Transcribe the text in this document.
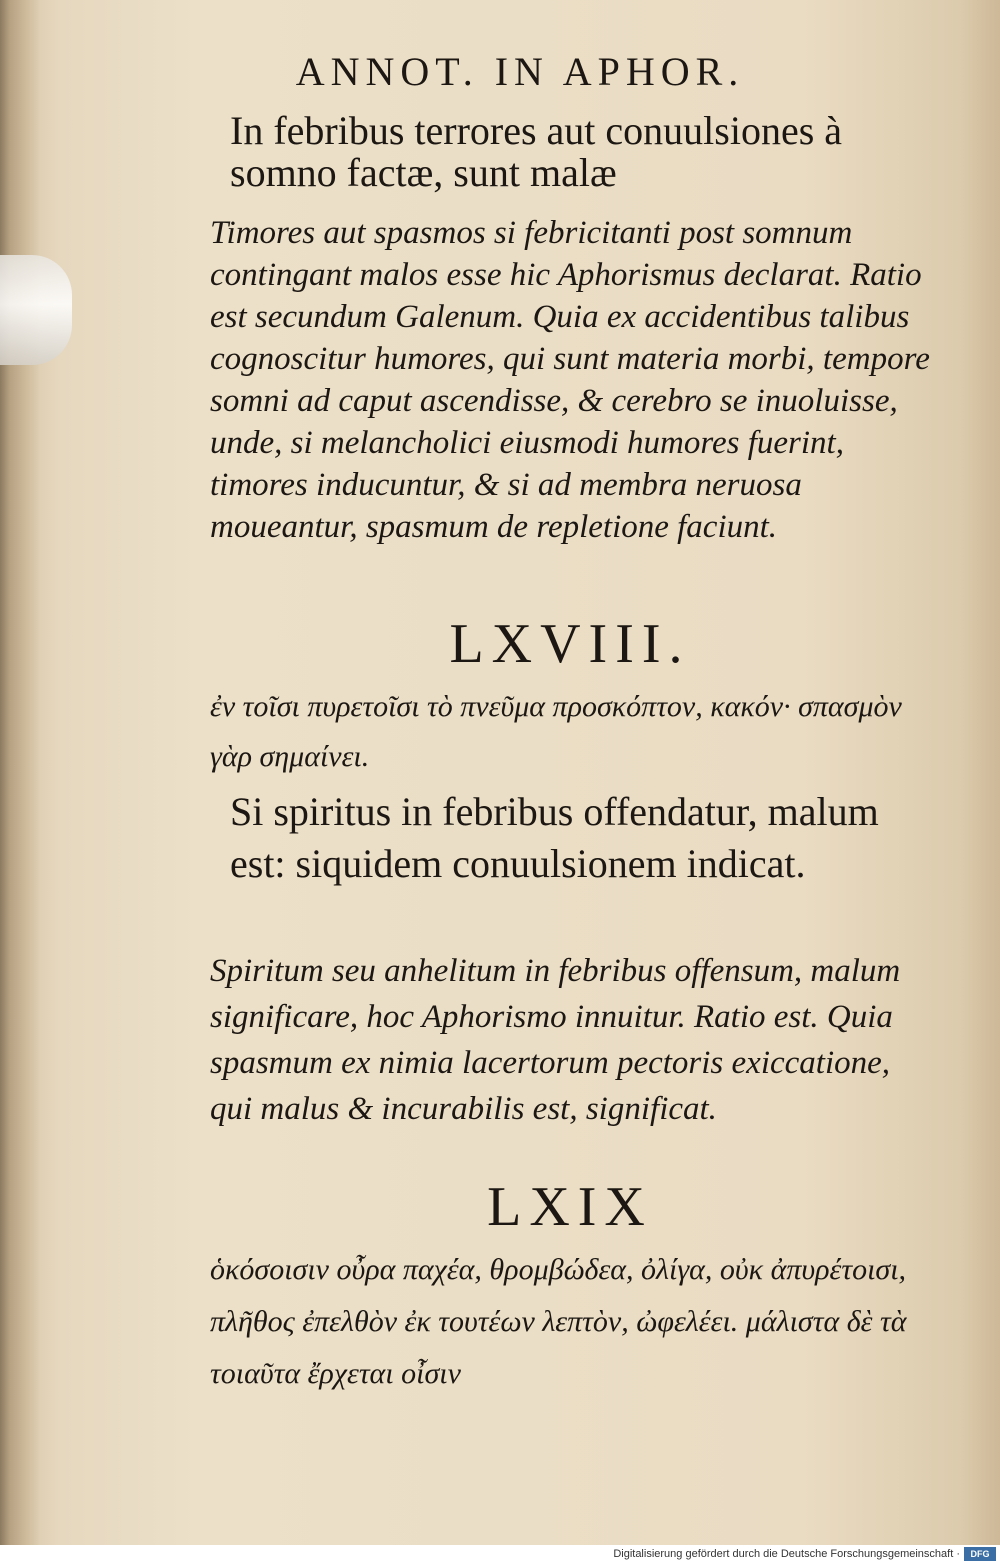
ANNOT. IN APHOR.
In febribus terrores aut conuulsiones à somno factæ, sunt malæ
Timores aut spasmos si febricitanti post somnum contingant malos esse hic Aphorismus declarat. Ratio est secundum Galenum. Quia ex accidentibus talibus cognoscitur humores, qui sunt materia morbi, tempore somni ad caput ascendisse, & cerebro se inuoluisse, unde, si melancholici eiusmodi humores fuerint, timores inducuntur, & si ad membra neruosa moueantur, spasmum de repletione faciunt.
LXVIII.
ἐν τοῖσι πυρετοῖσι τὸ πνεῦμα προσκόπτον, κακόν· σπασμὸν γὰρ σημαίνει.
Si spiritus in febribus offendatur, malum est: siquidem conuulsionem indicat.
Spiritum seu anhelitum in febribus offensum, malum significare, hoc Aphorismo innuitur. Ratio est. Quia spasmum ex nimia lacertorum pectoris exiccatione, qui malus & incurabilis est, significat.
LXIX
ὁκόσοισιν οὖρα παχέα, θρομβώδεα, ὀλίγα, οὐκ ἀπυρέτοισι, πλῆθος ἐπελθὸν ἐκ τουτέων λεπτὸν, ὠφελέει. μάλιστα δὲ τὰ τοιαῦτα ἔρχεται οἶσιν
Digitalisierung gefördert durch die Deutsche Forschungsgemeinschaft ·	DFG
